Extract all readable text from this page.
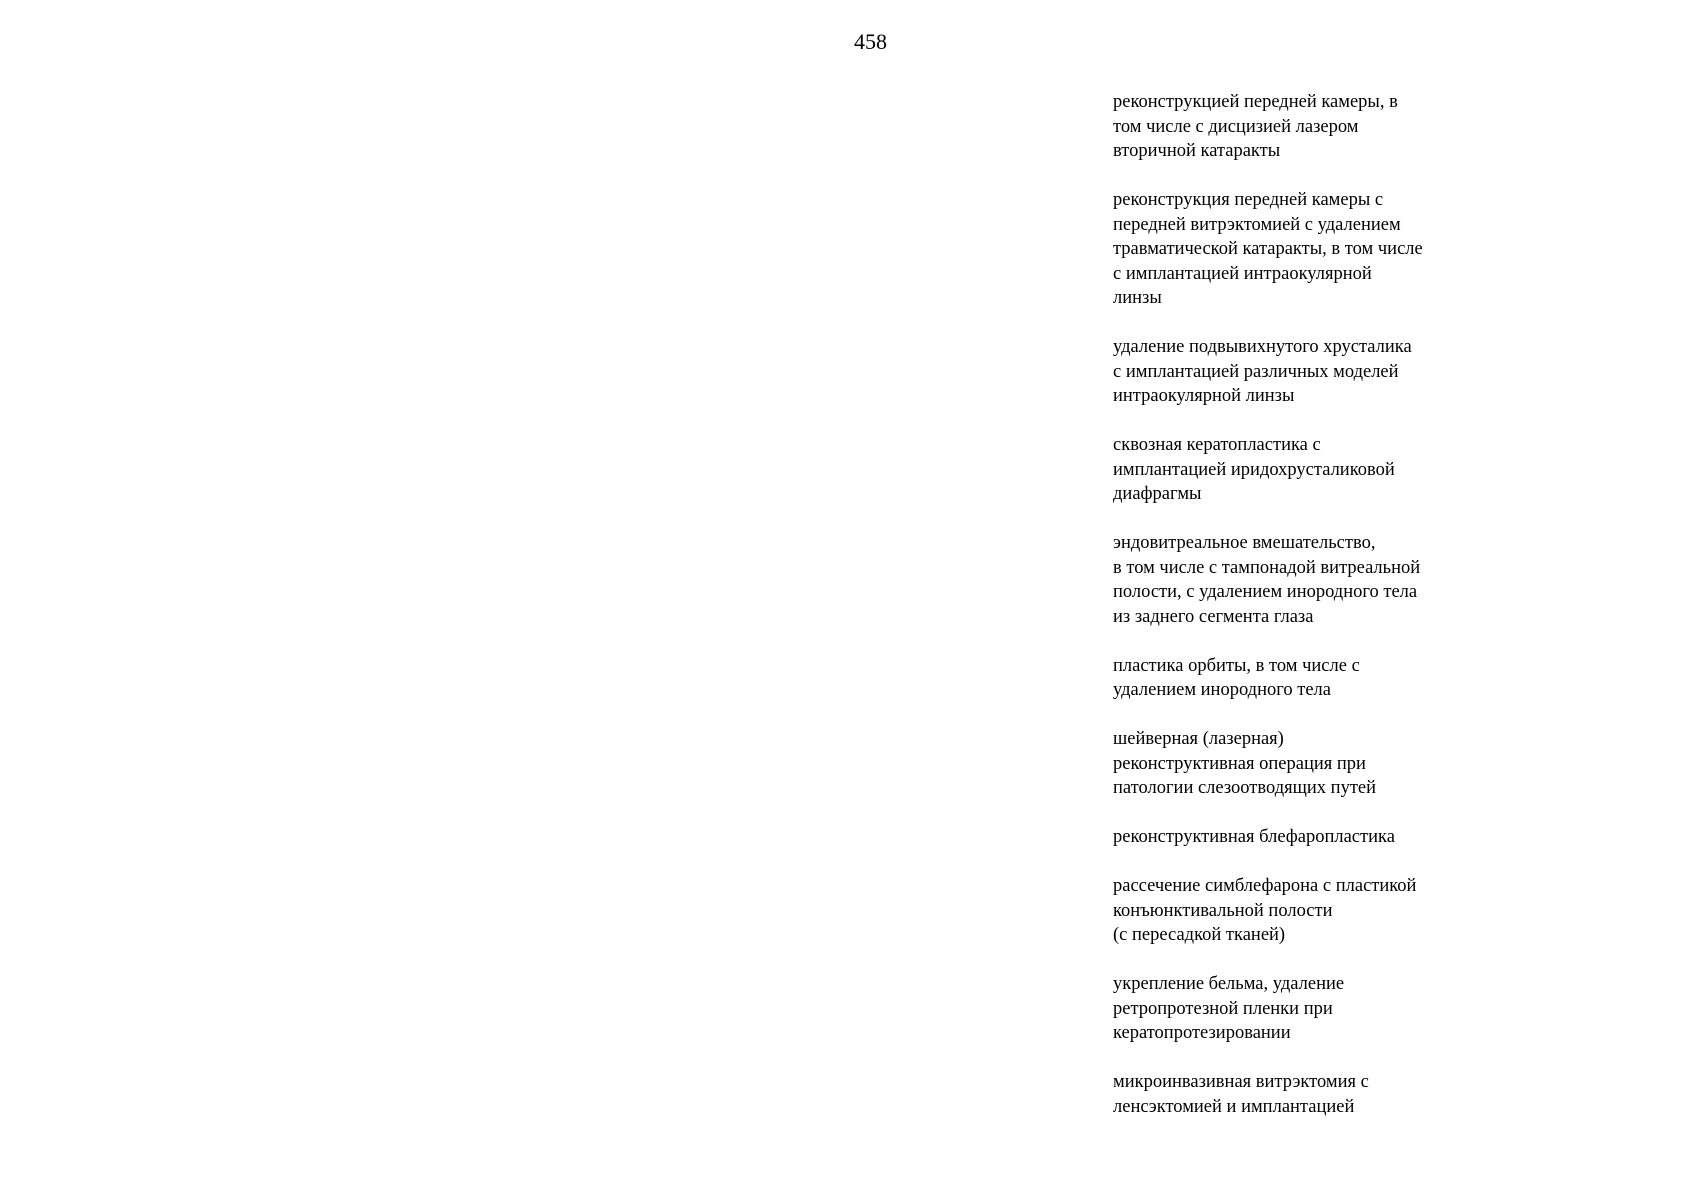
458
реконструкцией передней камеры, в
том числе с дисцизией лазером
вторичной катаракты
реконструкция передней камеры с
передней витрэктомией с удалением
травматической катаракты, в том числе
с имплантацией интраокулярной
линзы
удаление подвывихнутого хрусталика
с имплантацией различных моделей
интраокулярной линзы
сквозная кератопластика с
имплантацией иридохрусталиковой
диафрагмы
эндовитреальное вмешательство,
в том числе с тампонадой витреальной
полости, с удалением инородного тела
из заднего сегмента глаза
пластика орбиты, в том числе с
удалением инородного тела
шейверная (лазерная)
реконструктивная операция при
патологии слезоотводящих путей
реконструктивная блефаропластика
рассечение симблефарона с пластикой
конъюнктивальной полости
(с пересадкой тканей)
укрепление бельма, удаление
ретропротезной пленки при
кератопротезировании
микроинвазивная витрэктомия с
ленсэктомией и имплантацией
